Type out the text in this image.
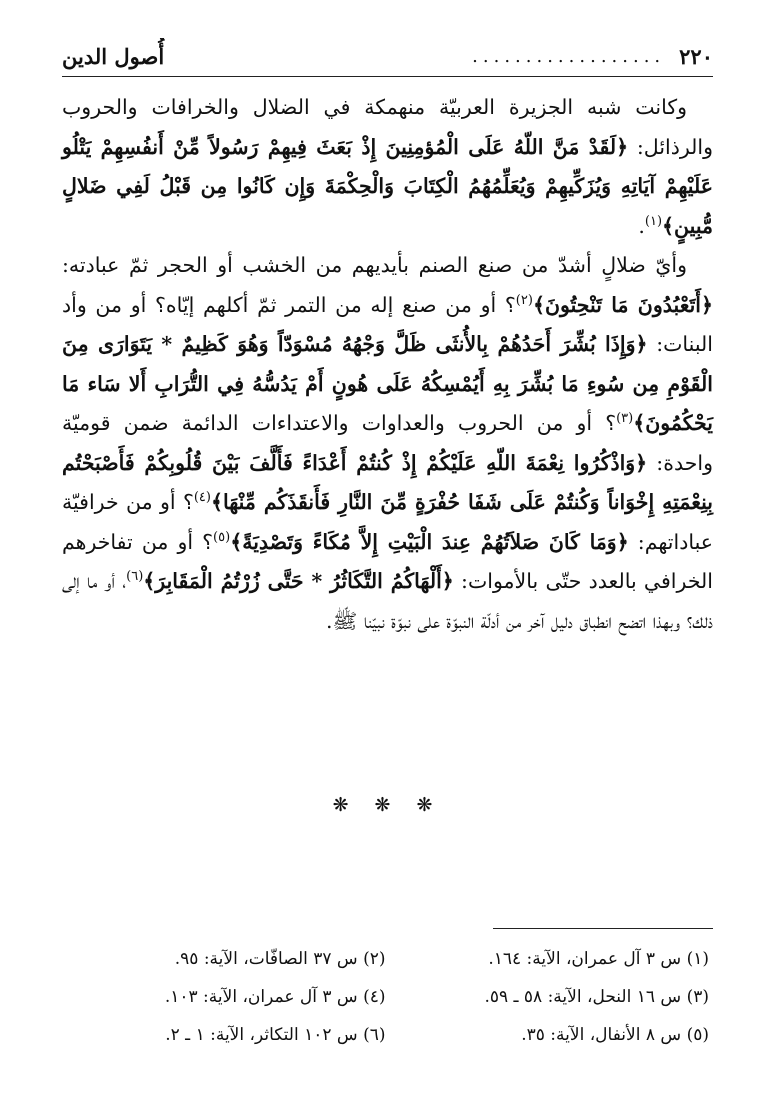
٢٢٠
..................
أُصول الدين

وكانت شبه الجزيرة العربيّة منهمكة في الضلال والخرافات والحروب والرذائل: ﴿لَقَدْ مَنَّ اللّهُ عَلَى الْمُؤمِنِينَ إِذْ بَعَثَ فِيهِمْ رَسُولاً مِّنْ أَنفُسِهِمْ يَتْلُو عَلَيْهِمْ آيَاتِهِ وَيُزَكِّيهِمْ وَيُعَلِّمُهُمُ الْكِتَابَ وَالْحِكْمَةَ وَإِن كَانُوا مِن قَبْلُ لَفِي ضَلالٍ مُّبِينٍ﴾$^{(١)}$.

وأيّ ضلالٍ أشدّ من صنع الصنم بأيديهم من الخشب أو الحجر ثمّ عبادته: ﴿أَتَعْبُدُونَ مَا تَنْحِتُونَ﴾$^{(٢)}$؟ أو من صنع إله من التمر ثمّ أكلهم إيّاه؟ أو من وأد البنات: ﴿وَإِذَا بُشِّرَ أَحَدُهُمْ بِالأُنثَى ظَلَّ وَجْهُهُ مُسْوَدّاً وَهُوَ كَظِيمٌ * يَتَوَارَى مِنَ الْقَوْمِ مِن سُوءِ مَا بُشِّرَ بِهِ أَيُمْسِكُهُ عَلَى هُونٍ أَمْ يَدُسُّهُ فِي التُّرَابِ أَلا سَاء مَا يَحْكُمُونَ﴾$^{(٣)}$؟ أو من الحروب والعداوات والاعتداءات الدائمة ضمن قوميّة واحدة: ﴿وَاذْكُرُوا نِعْمَةَ اللّهِ عَلَيْكُمْ إِذْ كُنتُمْ أَعْدَاءً فَأَلَّفَ بَيْنَ قُلُوبِكُمْ فَأَصْبَحْتُم بِنِعْمَتِهِ إِخْوَاناً وَكُنتُمْ عَلَى شَفَا حُفْرَةٍ مِّنَ النَّارِ فَأَنقَذَكُم مِّنْهَا﴾$^{(٤)}$؟ أو من خرافيّة عباداتهم: ﴿وَمَا كَانَ صَلاَتُهُمْ عِندَ الْبَيْتِ إِلاَّ مُكَاءً وَتَصْدِيَةً﴾$^{(٥)}$؟ أو من تفاخرهم الخرافي بالعدد حتّى بالأموات: ﴿أَلْهَاكُمُ التَّكَاثُرُ * حَتَّى زُرْتُمُ الْمَقَابِرَ﴾$^{(٦)}$، أو ما إلى ذلك؟ وبهذا اتضح انطباق دليل آخر من أدلّة النبوّة على نبوّة نبيّنا ﷺ.

❋ ❋ ❋
(١) س ٣ آل عمران، الآية: ١٦٤.
(٢) س ٣٧ الصافّات، الآية: ٩٥.
(٣) س ١٦ النحل، الآية: ٥٨ ـ ٥٩.
(٤) س ٣ آل عمران، الآية: ١٠٣.
(٥) س ٨ الأنفال، الآية: ٣٥.
(٦) س ١٠٢ التكاثر، الآية: ١ ـ ٢.
